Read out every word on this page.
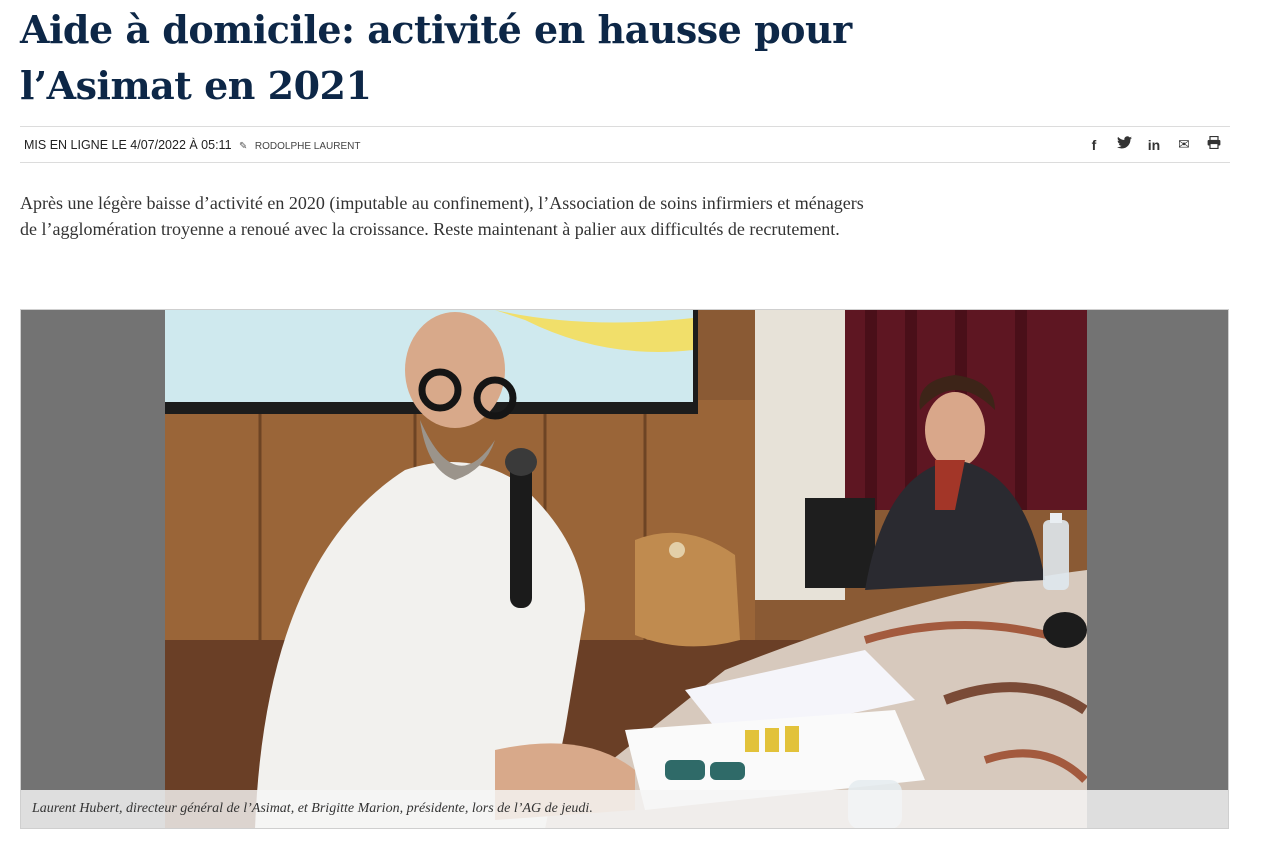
Aide à domicile: activité en hausse pour l’Asimat en 2021
MIS EN LIGNE LE 4/07/2022 À 05:11 ✎ RODOLPHE LAURENT	f	in ✉

Après une légère baisse d’activité en 2020 (imputable au confinement), l’Association de soins infirmiers et ménagers de l’agglomération troyenne a renoué avec la croissance. Reste maintenant à palier aux difficultés de recrutement.

Laurent Hubert, directeur général de l’Asimat, et Brigitte Marion, présidente, lors de l’AG de jeudi.
